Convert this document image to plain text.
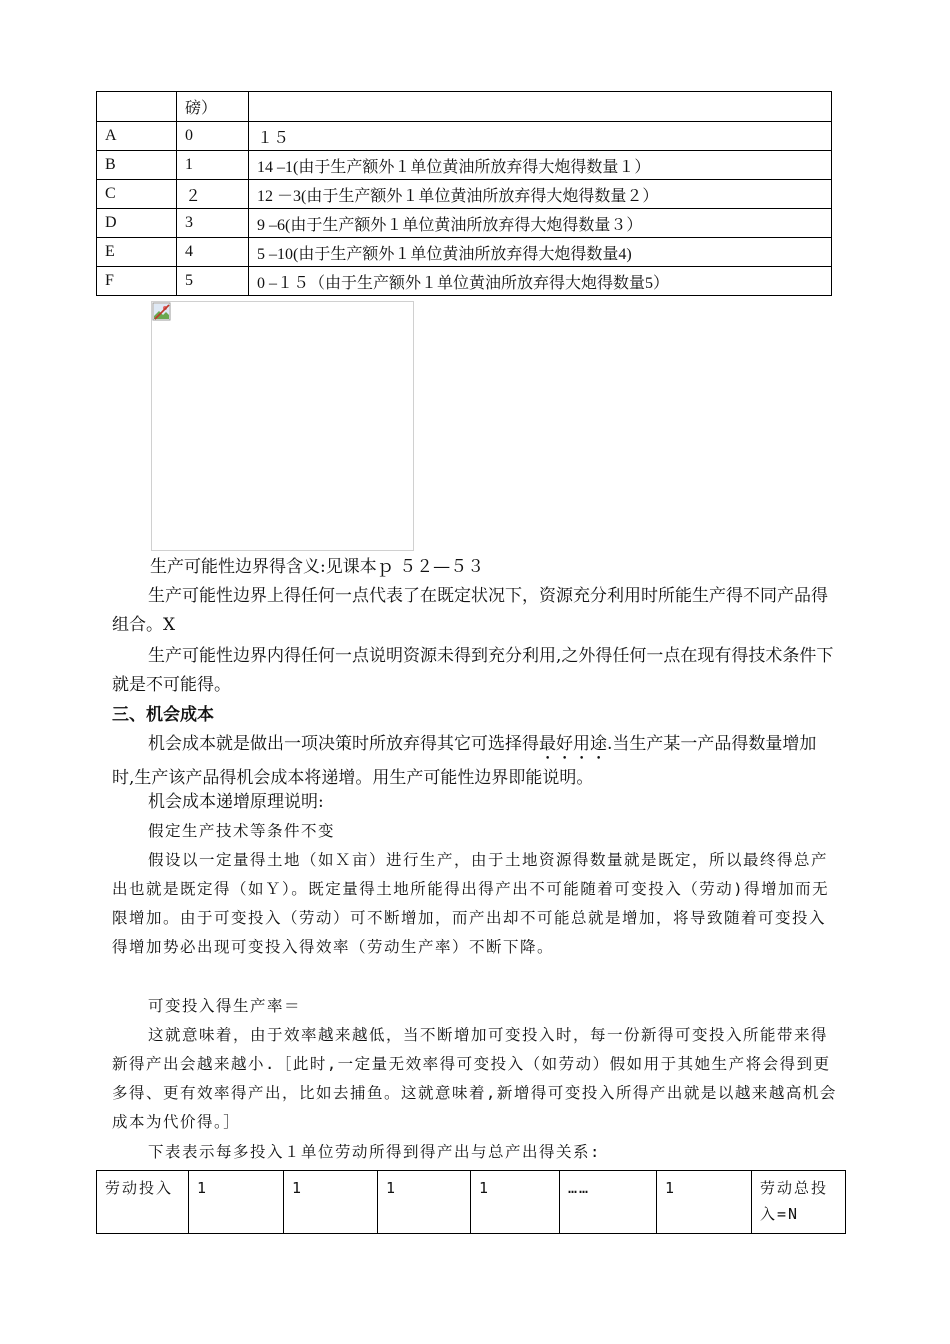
	磅）	
A	0	１５
B	1	14 –1(由于生产额外１单位黄油所放弃得大炮得数量１）
C	２	12 －3(由于生产额外１单位黄油所放弃得大炮得数量２）
D	3	9 –6(由于生产额外１单位黄油所放弃得大炮得数量３）
E	4	5 –10(由于生产额外１单位黄油所放弃得大炮得数量4)
F	5	0 –１５（由于生产额外１单位黄油所放弃得大炮得数量5）
生产可能性边界得含义:见课本ｐ ５２—５３
生产可能性边界上得任何一点代表了在既定状况下，资源充分利用时所能生产得不同产品得组合。X
生产可能性边界内得任何一点说明资源未得到充分利用,之外得任何一点在现有得技术条件下就是不可能得。
三、机会成本
机会成本就是做出一项决策时所放弃得其它可选择得最好用途.当生产某一产品得数量增加时,生产该产品得机会成本将递增。用生产可能性边界即能说明。
机会成本递增原理说明:
假定生产技术等条件不变
假设以一定量得土地（如Ｘ亩）进行生产，由于土地资源得数量就是既定，所以最终得总产出也就是既定得（如Ｙ）。既定量得土地所能得出得产出不可能随着可变投入（劳动)得增加而无限增加。由于可变投入（劳动）可不断增加，而产出却不可能总就是增加，将导致随着可变投入得增加势必出现可变投入得效率（劳动生产率）不断下降。
可变投入得生产率＝
这就意味着，由于效率越来越低，当不断增加可变投入时，每一份新得可变投入所能带来得新得产出会越来越小.［此时,一定量无效率得可变投入（如劳动）假如用于其她生产将会得到更多得、更有效率得产出，比如去捕鱼。这就意味着,新增得可变投入所得产出就是以越来越高机会成本为代价得。］
下表表示每多投入１单位劳动所得到得产出与总产出得关系:
劳动投入	1	1	1	1	……	1	劳动总投入=N
